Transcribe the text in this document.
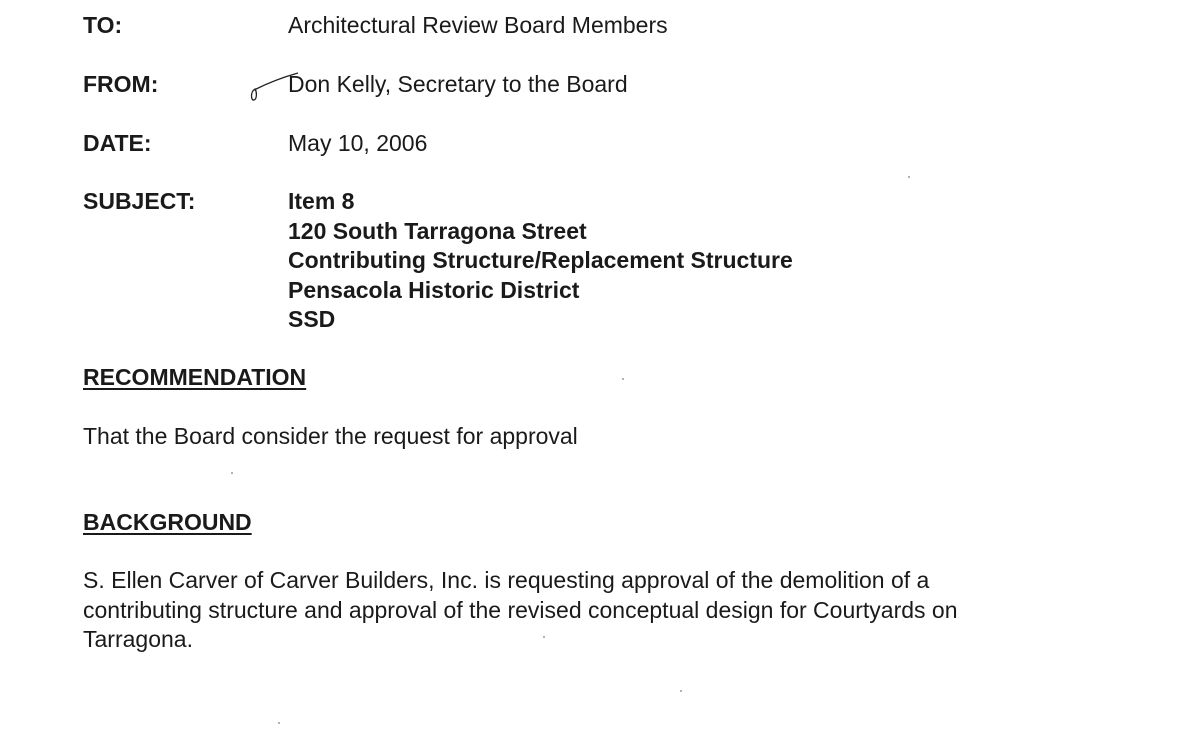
TO:	Architectural Review Board Members
FROM:	Don Kelly, Secretary to the Board
DATE:	May 10, 2006
SUBJECT:	Item 8
120 South Tarragona Street
Contributing Structure/Replacement Structure
Pensacola Historic District
SSD
RECOMMENDATION
That the Board consider the request for approval
BACKGROUND
S. Ellen Carver of Carver Builders, Inc. is requesting approval of the demolition of a
contributing structure and approval of the revised conceptual design for Courtyards on
Tarragona.
